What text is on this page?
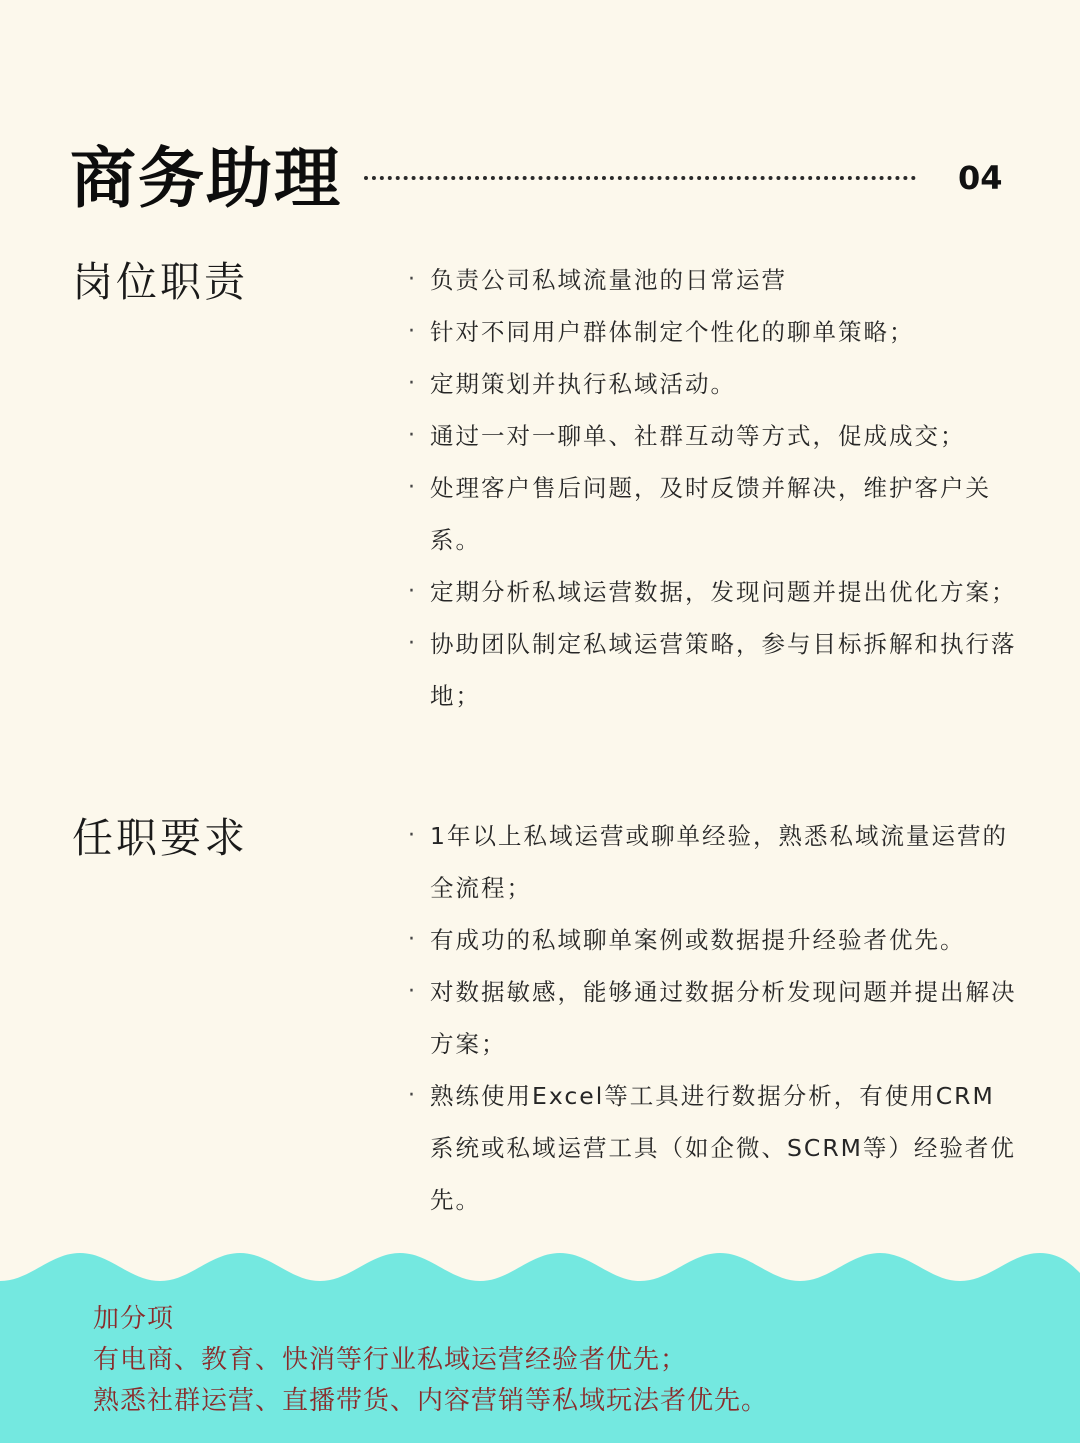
商务助理	04
岗位职责	· 负责公司私域流量池的日常运营
· 针对不同用户群体制定个性化的聊单策略；
· 定期策划并执行私域活动。
· 通过一对一聊单、社群互动等方式，促成成交；
· 处理客户售后问题，及时反馈并解决，维护客户关系。
· 定期分析私域运营数据，发现问题并提出优化方案；
· 协助团队制定私域运营策略，参与目标拆解和执行落地；
任职要求	· 1年以上私域运营或聊单经验，熟悉私域流量运营的全流程；
· 有成功的私域聊单案例或数据提升经验者优先。
· 对数据敏感，能够通过数据分析发现问题并提出解决方案；
· 熟练使用Excel等工具进行数据分析，有使用CRM系统或私域运营工具（如企微、SCRM等）经验者优先。
加分项
有电商、教育、快消等行业私域运营经验者优先；
熟悉社群运营、直播带货、内容营销等私域玩法者优先。
